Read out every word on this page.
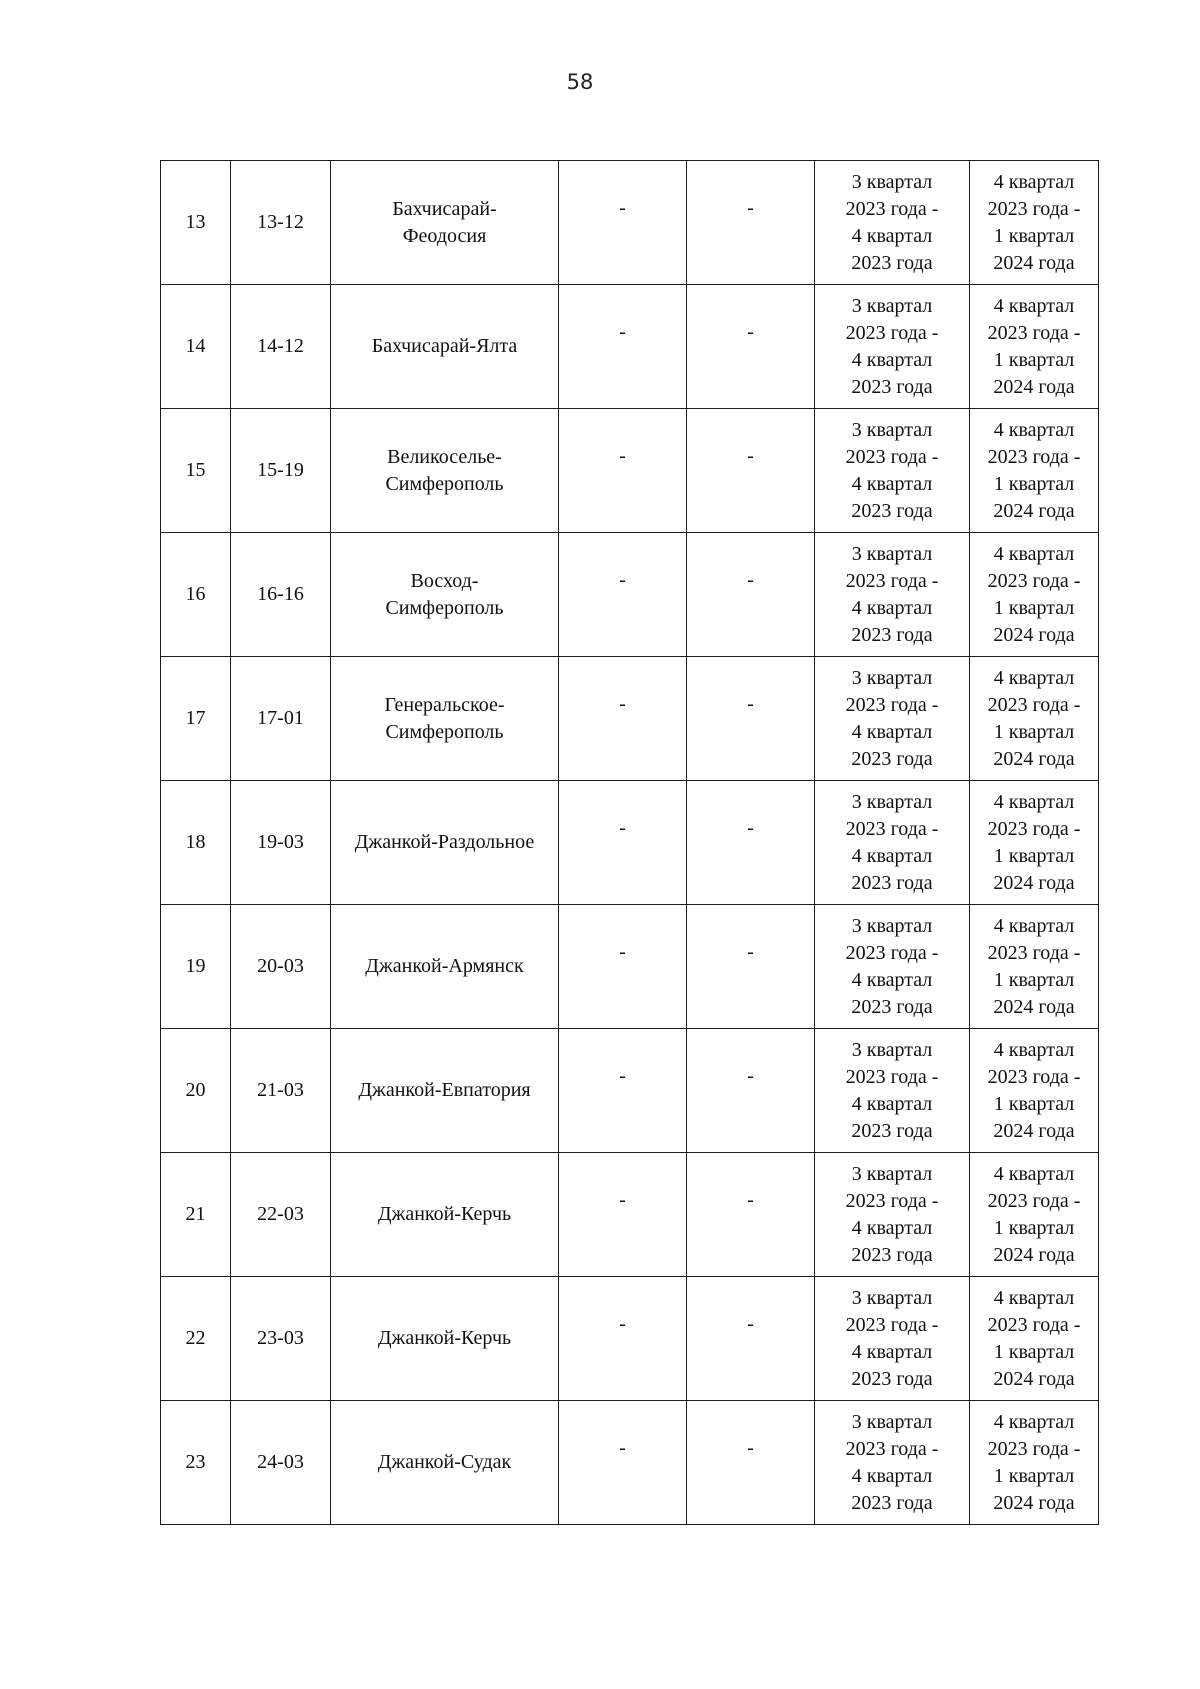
58
13	13-12	Бахчисарай-
Феодосия	-	-	3 квартал
2023 года -
4 квартал
2023 года	4 квартал
2023 года -
1 квартал
2024 года

14	14-12	Бахчисарай-Ялта	-	-	3 квартал
2023 года -
4 квартал
2023 года	4 квартал
2023 года -
1 квартал
2024 года

15	15-19	Великоселье-
Симферополь	-	-	3 квартал
2023 года -
4 квартал
2023 года	4 квартал
2023 года -
1 квартал
2024 года

16	16-16	Восход-
Симферополь	-	-	3 квартал
2023 года -
4 квартал
2023 года	4 квартал
2023 года -
1 квартал
2024 года

17	17-01	Генеральское-
Симферополь	-	-	3 квартал
2023 года -
4 квартал
2023 года	4 квартал
2023 года -
1 квартал
2024 года

18	19-03	Джанкой-Раздольное	-	-	3 квартал
2023 года -
4 квартал
2023 года	4 квартал
2023 года -
1 квартал
2024 года

19	20-03	Джанкой-Армянск	-	-	3 квартал
2023 года -
4 квартал
2023 года	4 квартал
2023 года -
1 квартал
2024 года

20	21-03	Джанкой-Евпатория	-	-	3 квартал
2023 года -
4 квартал
2023 года	4 квартал
2023 года -
1 квартал
2024 года

21	22-03	Джанкой-Керчь	-	-	3 квартал
2023 года -
4 квартал
2023 года	4 квартал
2023 года -
1 квартал
2024 года

22	23-03	Джанкой-Керчь	-	-	3 квартал
2023 года -
4 квартал
2023 года	4 квартал
2023 года -
1 квартал
2024 года

23	24-03	Джанкой-Судак	-	-	3 квартал
2023 года -
4 квартал
2023 года	4 квартал
2023 года -
1 квартал
2024 года
